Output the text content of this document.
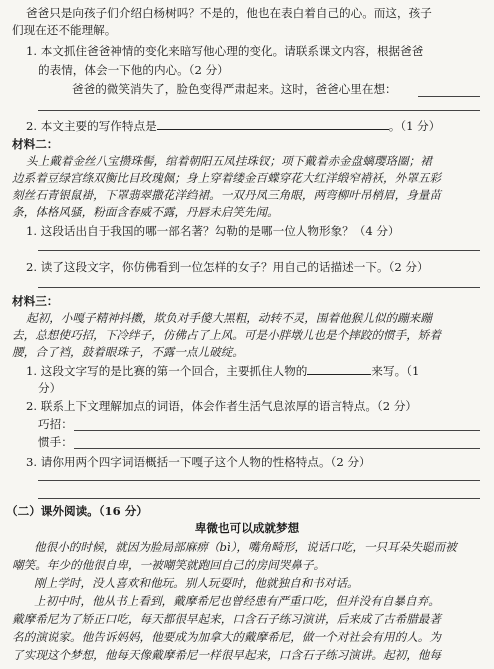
爸爸只是向孩子们介绍白杨树吗？不是的，他也在表白着自己的心。而这，孩子
们现在还不能理解。
1. 本文抓住爸爸神情的变化来暗写他心理的变化。请联系课文内容，根据爸爸
的表情，体会一下他的内心。（2 分）
爸爸的微笑消失了，脸色变得严肃起来。这时，爸爸心里在想：
2. 本文主要的写作特点是	。（1 分）
材料二：
头上戴着金丝八宝攒珠髻，绾着朝阳五凤挂珠钗；项下戴着赤金盘螭璎珞圈；裙
边系着豆绿宫绦双衡比目玫瑰佩；身上穿着缕金百蝶穿花大红洋缎窄褙袄，外罩五彩
刻丝石青银鼠褂，下罩翡翠撒花洋绉裙。一双丹凤三角眼，两弯柳叶吊梢眉，身量苗
条，体格风骚，粉面含春威不露，丹唇未启笑先闻。
1. 这段话出自于我国的哪一部名著？勾勒的是哪一位人物形象？（4 分）
2. 读了这段文字，你仿佛看到一位怎样的女子？用自己的话描述一下。（2 分）
材料三：
起初，小嘎子精神抖擞，欺负对手傻大黑粗，动转不灵，围着他猴儿似的蹦来蹦
去，总想使巧招，下冷绊子，仿佛占了上风。可是小胖墩儿也是个摔跤的惯手，矫着
腰，合了裆，鼓着眼珠子，不露一点儿破绽。
1. 这段文字写的是比赛的第一个回合，主要抓住人物的	来写。（1
分）
2. 联系上下文理解加点的词语，体会作者生活气息浓厚的语言特点。（2 分）
巧招：
惯手：
3. 请你用两个四字词语概括一下嘎子这个人物的性格特点。（2 分）
（二）课外阅读。（16 分）
卑微也可以成就梦想
他很小的时候，就因为脸局部麻痹（bì），嘴角畸形，说话口吃，一只耳朵失聪而被
嘲笑。年少的他很自卑，一被嘲笑就跑回自己的房间哭鼻子。
刚上学时，没人喜欢和他玩。别人玩耍时，他就独自和书对话。
上初中时，他从书上看到，戴摩希尼也曾经患有严重口吃，但并没有自暴自弃。
戴摩希尼为了矫正口吃，每天都很早起来，口含石子练习演讲，后来成了古希腊最著
名的演说家。他告诉妈妈，他要成为加拿大的戴摩希尼，做一个对社会有用的人。为
了实现这个梦想，他每天像戴摩希尼一样很早起来，口含石子练习演讲。起初，他每
